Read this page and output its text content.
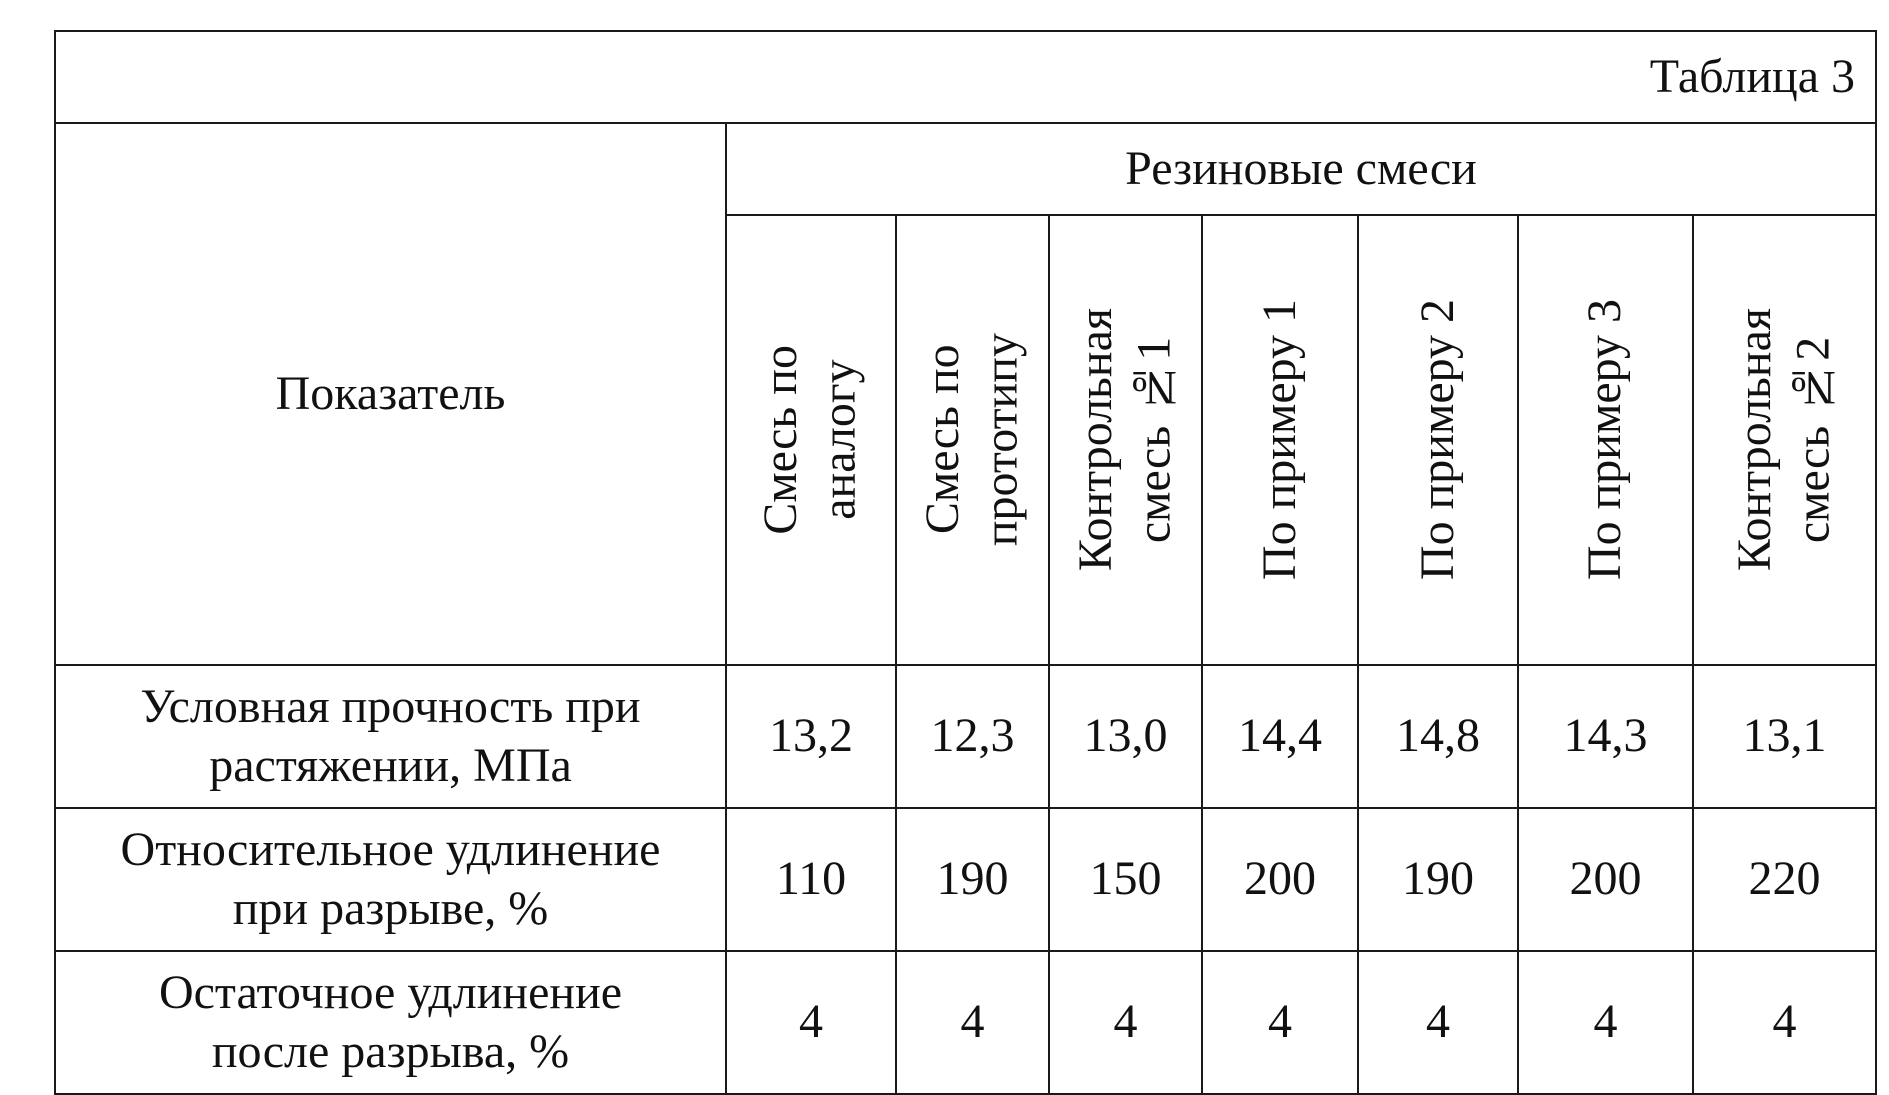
Таблица 3							
Показатель	Резиновые смеси						

	Смесь по аналогу	Смесь по прототипу	Контрольная смесь №1	По примеру 1	По примеру 2	По примеру 3	Контрольная смесь №2

Условная прочность при
растяжении, МПа	13,2	12,3	13,0	14,4	14,8	14,3	13,1
Относительное удлинение
при разрыве, %	110	190	150	200	190	200	220
Остаточное удлинение
после разрыва, %	4	4	4	4	4	4	4
